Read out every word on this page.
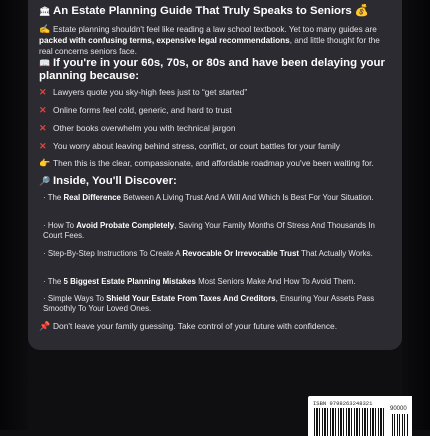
🏛 An Estate Planning Guide That Truly Speaks to Seniors 💰
✍️ Estate planning shouldn't feel like reading a law school textbook. Yet too many guides are packed with confusing terms, expensive legal recommendations, and little thought for the real concerns seniors face.
📖 If you're in your 60s, 70s, or 80s and have been delaying your
planning because:
✕ Lawyers quote you sky-high fees just to “get started”
✕ Online forms feel cold, generic, and hard to trust
✕ Other books overwhelm you with technical jargon
✕ You worry about leaving behind stress, conflict, or court battles for your family
👉 Then this is the clear, compassionate, and affordable roadmap you've been waiting for.
🔎 Inside, You'll Discover:
· The Real Difference Between A Living Trust And A Will And Which Is Best For Your Situation.
· How To Avoid Probate Completely, Saving Your Family Months Of Stress And Thousands In Court Fees.
· Step-By-Step Instructions To Create A Revocable Or Irrevocable Trust That Actually Works.
· The 5 Biggest Estate Planning Mistakes Most Seniors Make And How To Avoid Them.
· Simple Ways To Shield Your Estate From Taxes And Creditors, Ensuring Your Assets Pass Smoothly To Your Loved Ones.
📌 Don't leave your family guessing. Take control of your future with confidence.
ISBN 9798263248321
90000
